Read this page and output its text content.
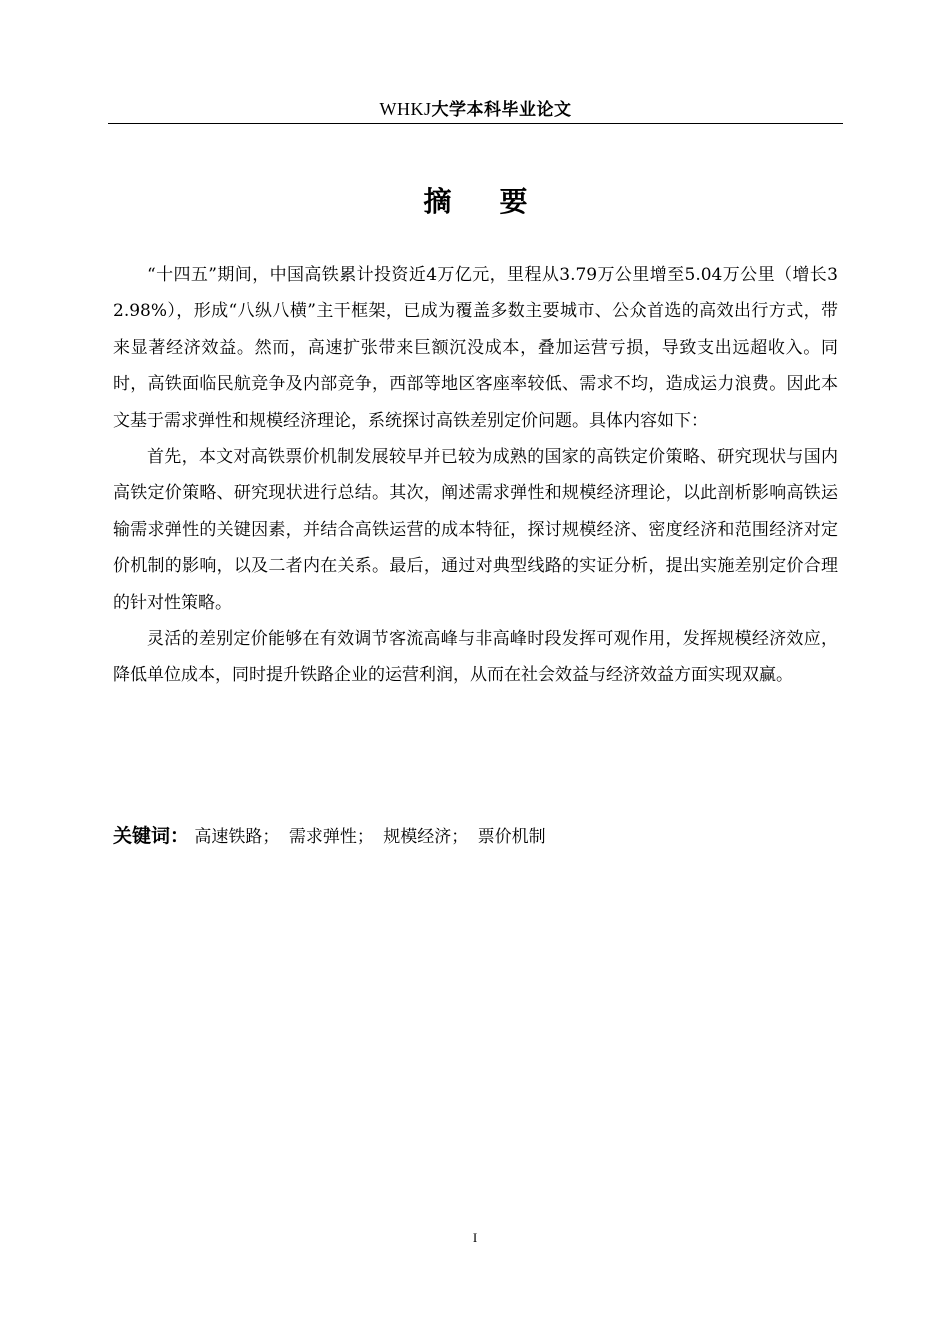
WHKJ大学本科毕业论文
摘要

“十四五”期间，中国高铁累计投资近4万亿元，里程从3.79万公里增至5.04万公里（增长32.98%），形成“八纵八横”主干框架，已成为覆盖多数主要城市、公众首选的高效出行方式，带来显著经济效益。然而，高速扩张带来巨额沉没成本，叠加运营亏损，导致支出远超收入。同时，高铁面临民航竞争及内部竞争，西部等地区客座率较低、需求不均，造成运力浪费。因此本文基于需求弹性和规模经济理论，系统探讨高铁差别定价问题。具体内容如下：

首先，本文对高铁票价机制发展较早并已较为成熟的国家的高铁定价策略、研究现状与国内高铁定价策略、研究现状进行总结。其次，阐述需求弹性和规模经济理论，以此剖析影响高铁运输需求弹性的关键因素，并结合高铁运营的成本特征，探讨规模经济、密度经济和范围经济对定价机制的影响，以及二者内在关系。最后，通过对典型线路的实证分析，提出实施差别定价合理的针对性策略。

灵活的差别定价能够在有效调节客流高峰与非高峰时段发挥可观作用，发挥规模经济效应，降低单位成本，同时提升铁路企业的运营利润，从而在社会效益与经济效益方面实现双赢。

关键词： 高速铁路； 需求弹性； 规模经济； 票价机制
I
